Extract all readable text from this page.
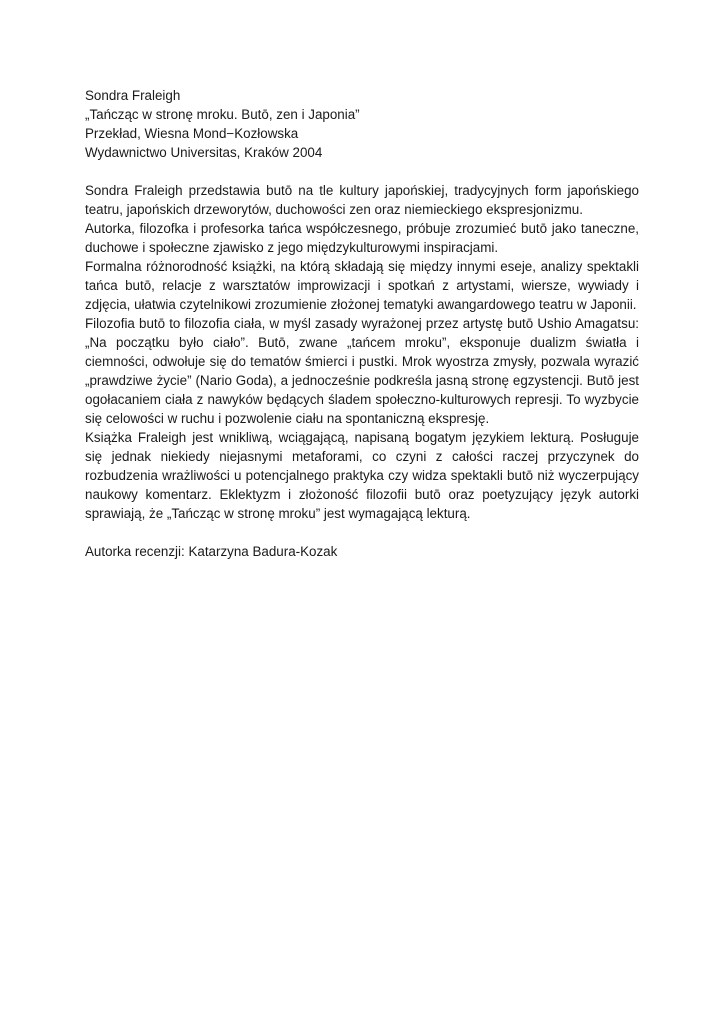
Sondra Fraleigh

„Tańcząc w stronę mroku. Butō, zen i Japonia”

Przekład, Wiesna Mond−Kozłowska

Wydawnictwo Universitas, Kraków 2004

Sondra Fraleigh przedstawia butō na tle kultury japońskiej, tradycyjnych form japońskiego teatru, japońskich drzeworytów, duchowości zen oraz niemieckiego ekspresjonizmu.

Autorka, filozofka i profesorka tańca współczesnego, próbuje zrozumieć butō jako taneczne, duchowe i społeczne zjawisko z jego międzykulturowymi inspiracjami.

Formalna różnorodność książki, na którą składają się między innymi eseje, analizy spektakli tańca butō, relacje z warsztatów improwizacji i spotkań z artystami, wiersze, wywiady i zdjęcia, ułatwia czytelnikowi zrozumienie złożonej tematyki awangardowego teatru w Japonii.

Filozofia butō to filozofia ciała, w myśl zasady wyrażonej przez artystę butō Ushio Amagatsu: „Na początku było ciało”. Butō, zwane „tańcem mroku”, eksponuje dualizm światła i ciemności, odwołuje się do tematów śmierci i pustki. Mrok wyostrza zmysły, pozwala wyrazić „prawdziwe życie” (Nario Goda), a jednocześnie podkreśla jasną stronę egzystencji. Butō jest ogołacaniem ciała z nawyków będących śladem społeczno-kulturowych represji. To wyzbycie się celowości w ruchu i pozwolenie ciału na spontaniczną ekspresję.

Książka Fraleigh jest wnikliwą, wciągającą, napisaną bogatym językiem lekturą. Posługuje się jednak niekiedy niejasnymi metaforami, co czyni z całości raczej przyczynek do rozbudzenia wrażliwości u potencjalnego praktyka czy widza spektakli butō niż wyczerpujący naukowy komentarz. Eklektyzm i złożoność filozofii butō oraz poetyzujący język autorki sprawiają, że „Tańcząc w stronę mroku” jest wymagającą lekturą.

Autorka recenzji: Katarzyna Badura-Kozak
